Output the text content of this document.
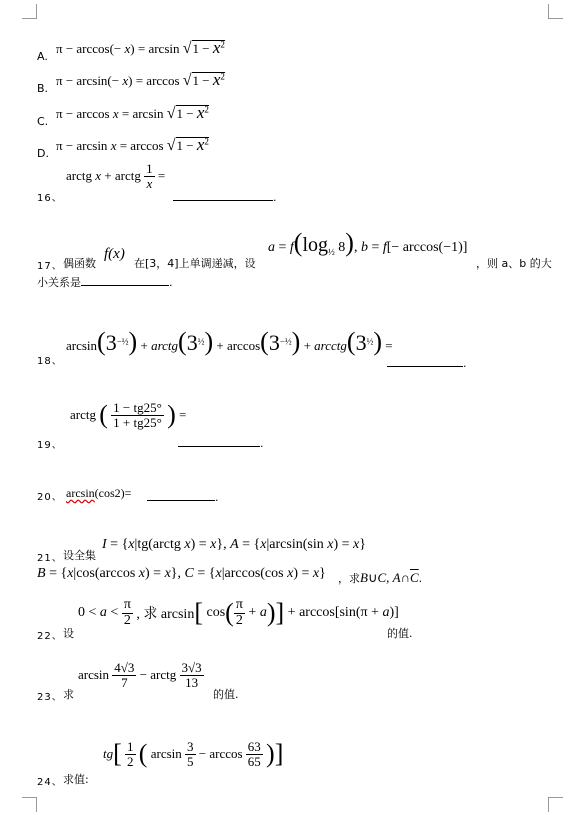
A.
$\pi - \arccos(- x) = \arcsin √1 - x^2$
B.
$\pi - \arcsin(- x) = \arccos √1 - x^2$
C.
$\pi - \arccos x = \arcsin √1 - x^2$
D.
$\pi - \arcsin x = \arccos √1 - x^2$
16、
arctg x + arctg $\frac{1}{x}$ =
.
17、 偶函数
f(x)
在[3，4]上单调递减，设
$a = f(\log_{\frac{1}{2}}$ 8), b = f[− arccos(−1)]
，则 a、b 的大
小关系是	.
18、
$\arcsin(3^{-\frac{1}{2}})$ + $arctg(3^{\frac{1}{2}}) + \arccos(3^{-\frac{1}{2}})$ + $arcctg(3^{\frac{1}{2}})$ =
.
19、
arctg ( $\frac{1 - tg25^\circ}{1 + tg25^\circ}$ ) =
.
20、 arcsin(cos2)=	.
21、 设全集
I = {x|tg(arctg x) = x}, A = {x|arcsin(sin x) = x}
B = {x|cos(arccos x) = x}, C = {x|arccos(cos x) = x} ，求B∪C, $A\cap\overline{C}$.
22、 设
$0 < a < \frac{\pi}{2}$ , 求 arcsin[ $\cos( \frac{\pi}{2} + a)] + \arccos[\sin(\pi + a)]$
的值.
23、 求
$\arcsin \frac{4√3}{7}$ − arctg $\frac{3√3}{13}$
的值.
24、 求值:
$tg[ \frac{1}{2}$ ( $\arcsin \frac{3}{5} - \arccos \frac{63}{65}$ )]
